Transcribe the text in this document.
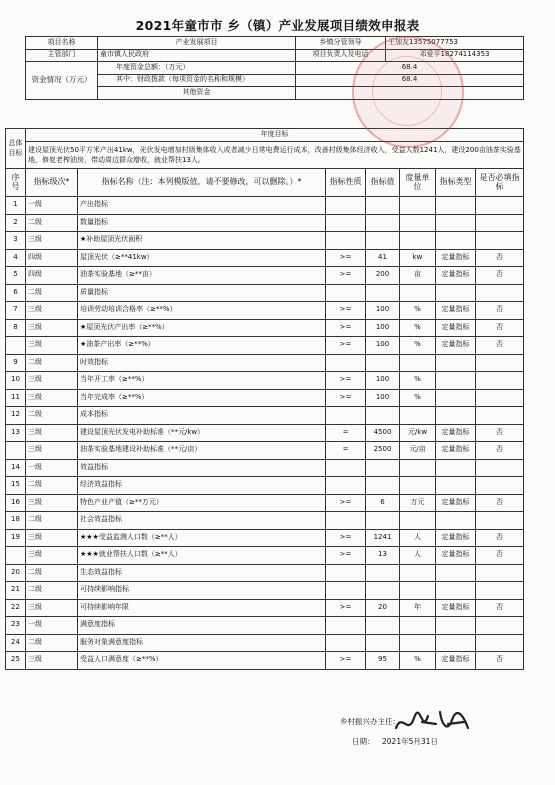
2021年童市市 乡（镇）产业发展项目绩效申报表
项目名称	产业发展项目	乡镇分管领导	王加友13575077753
主管部门	童市镇人民政府	项目负责人及电话	邓爱平18274114353
资金情况（万元）	年度资金总额：（万元）	68.4	
	其中：财政拨款（每项资金的名称和规模）	68.4	
	其他资金		
总体目标	年度目标
建设屋顶光伏50平方米产出41kw，光伏发电增加村级集体收入或者减少日常电费运行成本，改善村级集体经济收入，受益人数1241人，建设200亩油茶实验基地，修复老榨油房，带动周边群众增收，就业帮扶13人。
序号	指标级次*	指标名称（注：本列模版值，请不要修改，可以删除。）*	指标性质	指标值	度量单位	指标类型	是否必填指标
1	一级	产出指标					
2	二级	数量指标					
3	三级	★补助屋顶光伏面积					
4	四级	屋顶光伏（≥**41kw）	>=	41	kw	定量指标	否
5	四级	油茶实验基地（≥**亩）	>=	200	亩	定量指标	否
6	二级	质量指标					
7	三级	培训劳动培训合格率（≥**%）	>=	100	%	定量指标	否
8	三级	★屋顶光伏产出率（≥**%）	>=	100	%	定量指标	否
	三级	★油茶产出率（≥**%）	>=	100	%	定量指标	否
9	二级	时效指标					
10	三级	当年开工率（≥**%）	>=	100	%		
11	三级	当年完成率（≥**%）	>=	100	%		
12	二级	成本指标					
13	三级	建设屋顶光伏发电补助标准（**元/kw）	=	4500	元/kw	定量指标	否
	三级	油茶实验基地建设补助标准（**元/亩）	=	2500	元/亩	定量指标	否
14	一级	效益指标					
15	二级	经济效益指标					
16	三级	特色产业产值（≥**万元）	>=	6	万元	定量指标	否
18	二级	社会效益指标					
19	三级	★★★受益监测人口数（≥**人）	>=	1241	人	定量指标	否
	三级	★★★就业帮扶人口数（≥**人）	>=	13	人	定量指标	否
20	二级	生态效益指标					
21	二级	可持续影响指标					
22	三级	可持续影响年限	>=	20	年	定量指标	否
23	一级	满意度指标					
24	二级	服务对象满意度指标					
25	三级	受益人口满意度（≥**%）	>=	95	%	定量指标	否
乡村振兴办主任：
日期： 2021年5月31日
